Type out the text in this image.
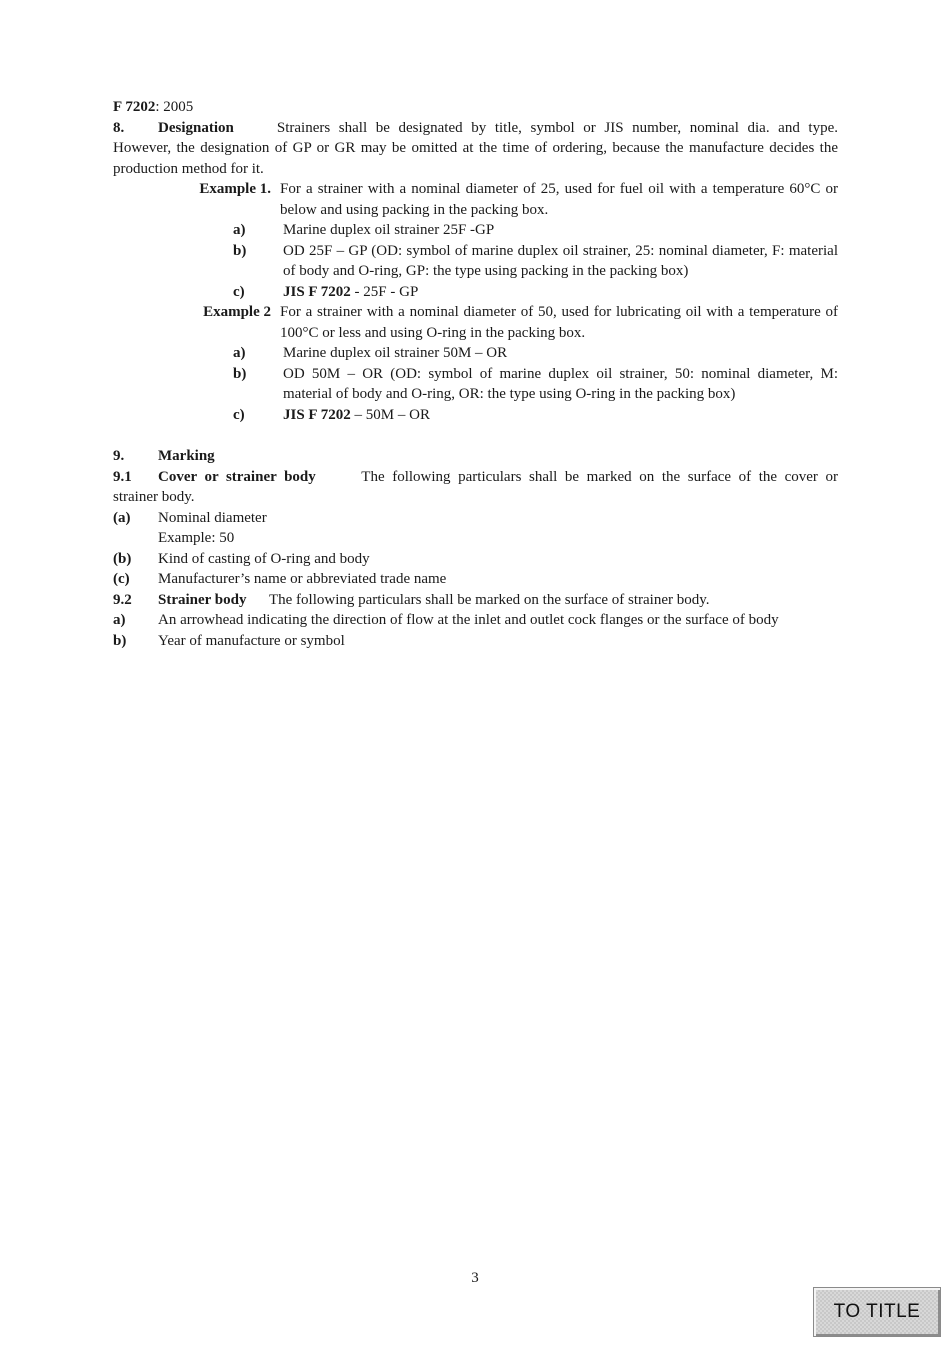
F 7202: 2005
8. Designation	Strainers shall be designated by title, symbol or JIS number, nominal dia. and type.
However, the designation of GP or GR may be omitted at the time of ordering, because the manufacture decides the production method for it.
Example 1. For a strainer with a nominal diameter of 25, used for fuel oil with a temperature 60°C or below and using packing in the packing box.
a)	Marine duplex oil strainer 25F -GP
b)	OD 25F – GP (OD: symbol of marine duplex oil strainer, 25: nominal diameter, F: material of body and O-ring, GP: the type using packing in the packing box)
c)	JIS F 7202 - 25F - GP
Example 2 For a strainer with a nominal diameter of 50, used for lubricating oil with a temperature of 100°C or less and using O-ring in the packing box.
a)	Marine duplex oil strainer 50M – OR
b)	OD 50M – OR (OD: symbol of marine duplex oil strainer, 50: nominal diameter, M: material of body and O-ring, OR: the type using O-ring in the packing box)
c)	JIS F 7202 – 50M – OR
9. Marking
9.1 Cover or strainer body	The following particulars shall be marked on the surface of the cover or
strainer body.
(a)	Nominal diameter
Example: 50
(b)	Kind of casting of O-ring and body
(c)	Manufacturer’s name or abbreviated trade name
9.2 Strainer body The following particulars shall be marked on the surface of strainer body.
a)	An arrowhead indicating the direction of flow at the inlet and outlet cock flanges or the surface of body
b)	Year of manufacture or symbol
3
TO TITLE
